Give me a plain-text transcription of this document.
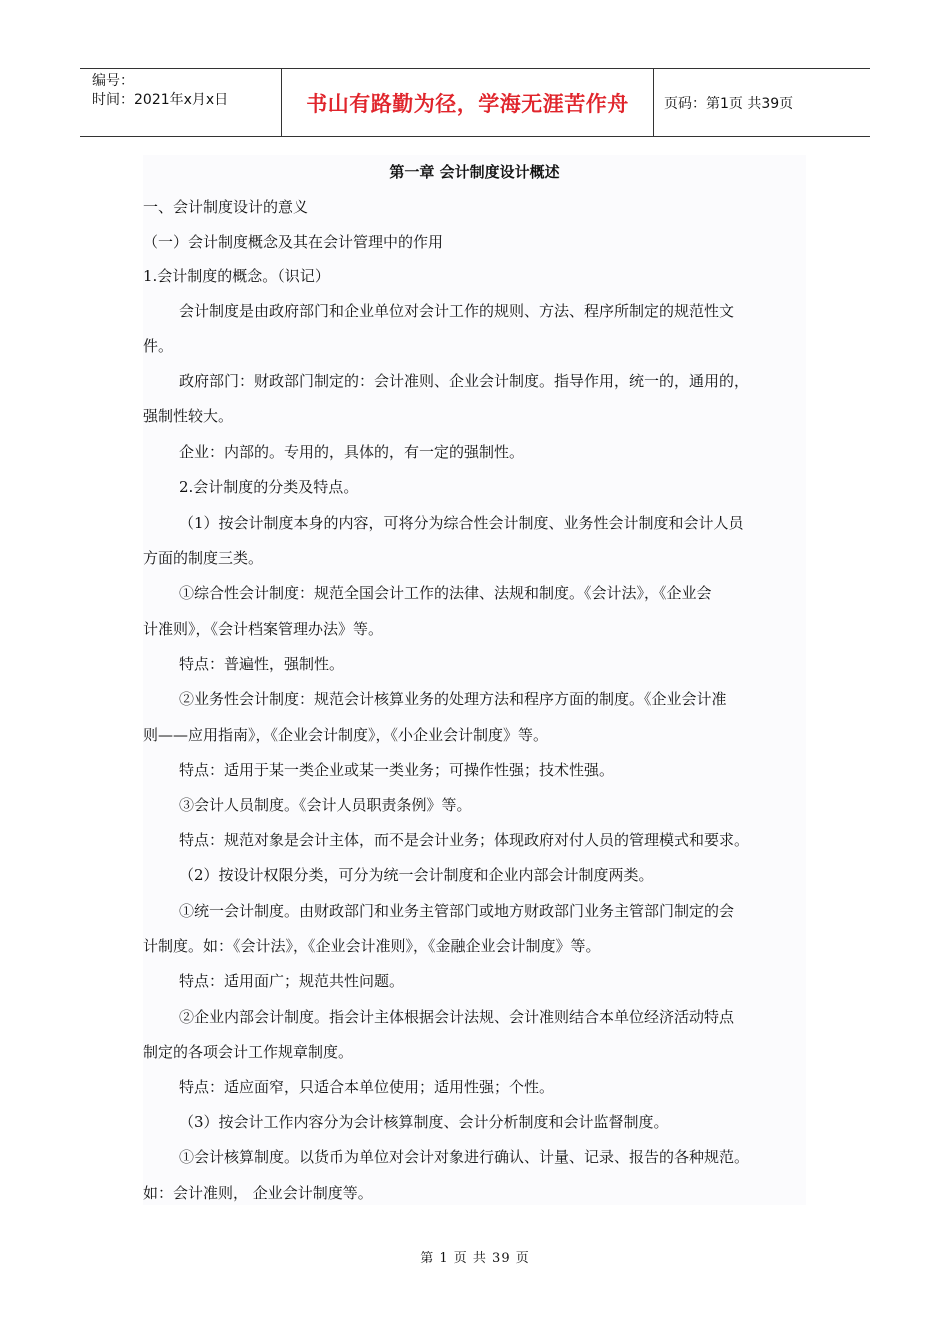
编号：
时间：2021年x月x日	书山有路勤为径，学海无涯苦作舟	页码：第1页 共39页
第一章 会计制度设计概述
一、会计制度设计的意义
（一）会计制度概念及其在会计管理中的作用
1.会计制度的概念。（识记）
会计制度是由政府部门和企业单位对会计工作的规则、方法、程序所制定的规范性文
件。
政府部门：财政部门制定的：会计准则、企业会计制度。指导作用，统一的，通用的，
强制性较大。
企业：内部的。专用的，具体的，有一定的强制性。
2.会计制度的分类及特点。
（1）按会计制度本身的内容，可将分为综合性会计制度、业务性会计制度和会计人员
方面的制度三类。
①综合性会计制度：规范全国会计工作的法律、法规和制度。《会计法》，《企业会
计准则》，《会计档案管理办法》等。
特点：普遍性，强制性。
②业务性会计制度：规范会计核算业务的处理方法和程序方面的制度。《企业会计准
则——应用指南》，《企业会计制度》，《小企业会计制度》等。
特点：适用于某一类企业或某一类业务；可操作性强；技术性强。
③会计人员制度。《会计人员职责条例》等。
特点：规范对象是会计主体，而不是会计业务；体现政府对付人员的管理模式和要求。
（2）按设计权限分类，可分为统一会计制度和企业内部会计制度两类。
①统一会计制度。由财政部门和业务主管部门或地方财政部门业务主管部门制定的会
计制度。如：《会计法》，《企业会计准则》，《金融企业会计制度》等。
特点：适用面广；规范共性问题。
②企业内部会计制度。指会计主体根据会计法规、会计准则结合本单位经济活动特点
制定的各项会计工作规章制度。
特点：适应面窄，只适合本单位使用；适用性强；个性。
（3）按会计工作内容分为会计核算制度、会计分析制度和会计监督制度。
①会计核算制度。以货币为单位对会计对象进行确认、计量、记录、报告的各种规范。
如：会计准则， 企业会计制度等。
第 1 页 共 39 页
